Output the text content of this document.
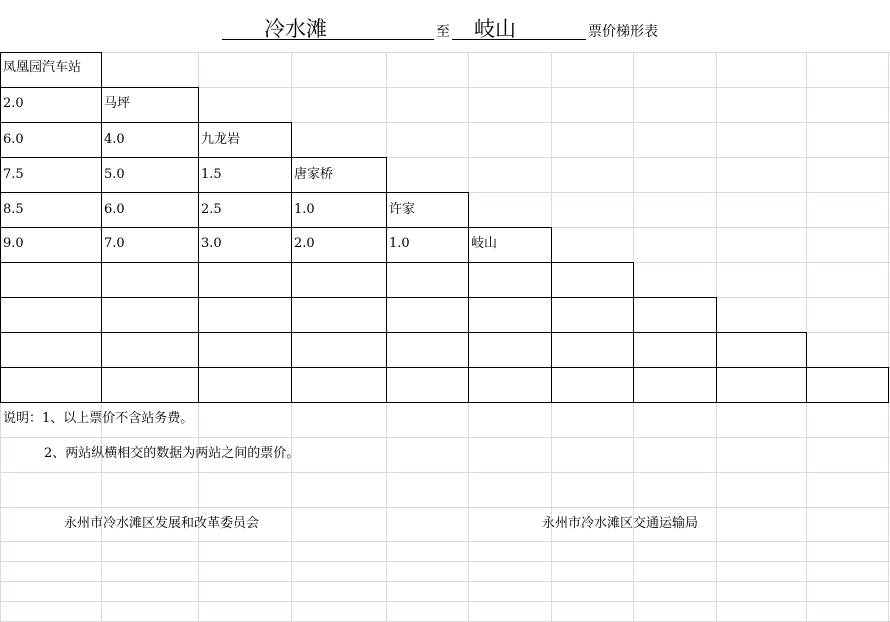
冷水滩	至 岐山	票价梯形表
凤凰园汽车站
2.0	马坪
6.0	4.0	九龙岩
7.5	5.0	1.5	唐家桥
8.5	6.0	2.5	1.0	许家
9.0	7.0	3.0	2.0	1.0	岐山
说明：1、以上票价不含站务费。
2、两站纵横相交的数据为两站之间的票价。
永州市冷水滩区发展和改革委员会	永州市冷水滩区交通运输局
